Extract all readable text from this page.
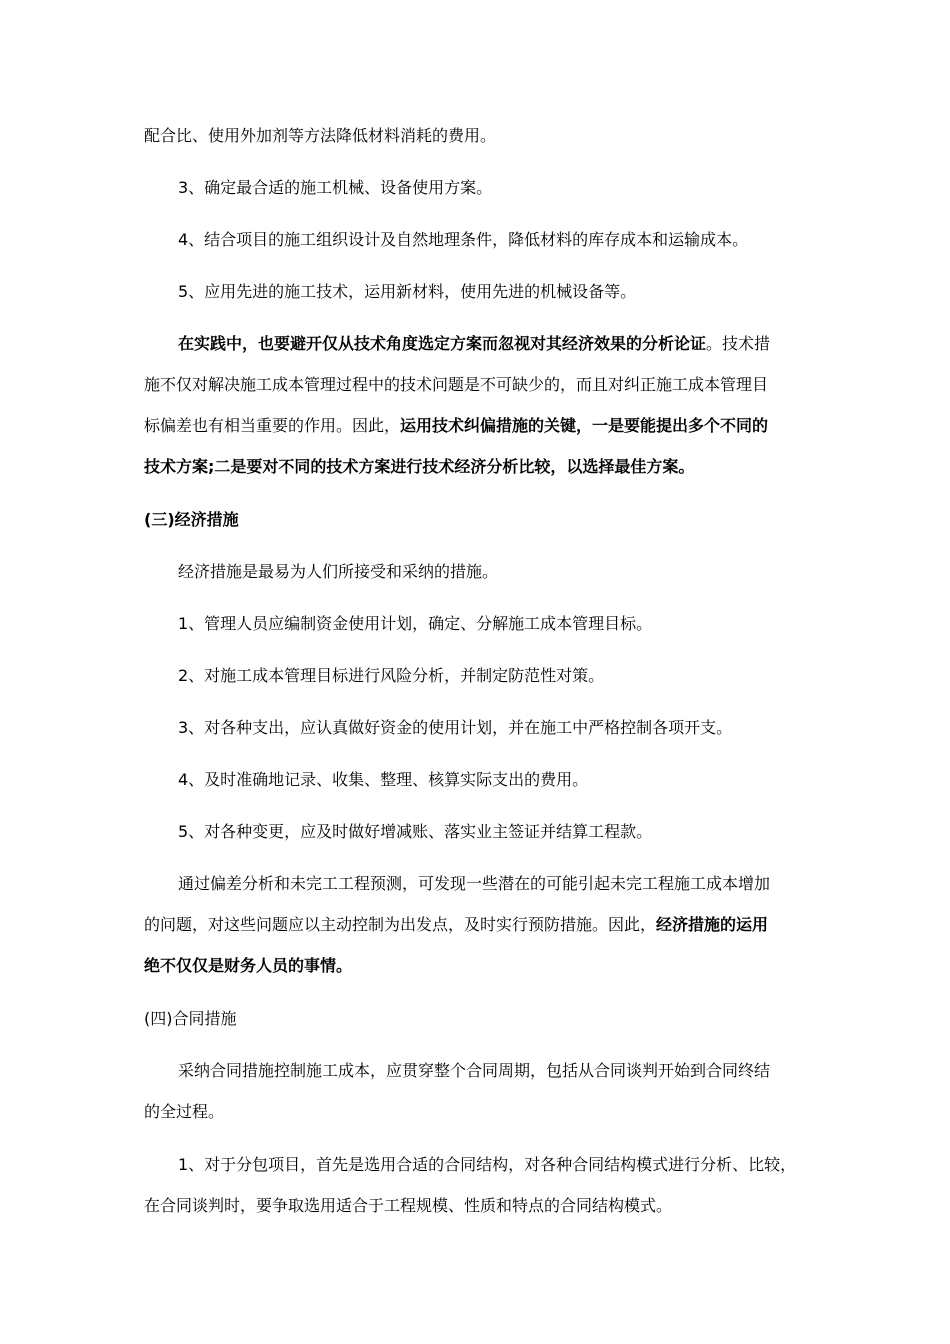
配合比、使用外加剂等方法降低材料消耗的费用。
3、确定最合适的施工机械、设备使用方案。
4、结合项目的施工组织设计及自然地理条件，降低材料的库存成本和运输成本。
5、应用先进的施工技术，运用新材料，使用先进的机械设备等。
在实践中，也要避开仅从技术角度选定方案而忽视对其经济效果的分析论证。技术措
施不仅对解决施工成本管理过程中的技术问题是不可缺少的，而且对纠正施工成本管理目
标偏差也有相当重要的作用。因此，运用技术纠偏措施的关键，一是要能提出多个不同的
技术方案;二是要对不同的技术方案进行技术经济分析比较，以选择最佳方案。
(三)经济措施
经济措施是最易为人们所接受和采纳的措施。
1、管理人员应编制资金使用计划，确定、分解施工成本管理目标。
2、对施工成本管理目标进行风险分析，并制定防范性对策。
3、对各种支出，应认真做好资金的使用计划，并在施工中严格控制各项开支。
4、及时准确地记录、收集、整理、核算实际支出的费用。
5、对各种变更，应及时做好增减账、落实业主签证并结算工程款。
通过偏差分析和未完工工程预测，可发现一些潜在的可能引起未完工程施工成本增加
的问题，对这些问题应以主动控制为出发点，及时实行预防措施。因此，经济措施的运用
绝不仅仅是财务人员的事情。
(四)合同措施
采纳合同措施控制施工成本，应贯穿整个合同周期，包括从合同谈判开始到合同终结
的全过程。
1、对于分包项目，首先是选用合适的合同结构，对各种合同结构模式进行分析、比较，
在合同谈判时，要争取选用适合于工程规模、性质和特点的合同结构模式。
